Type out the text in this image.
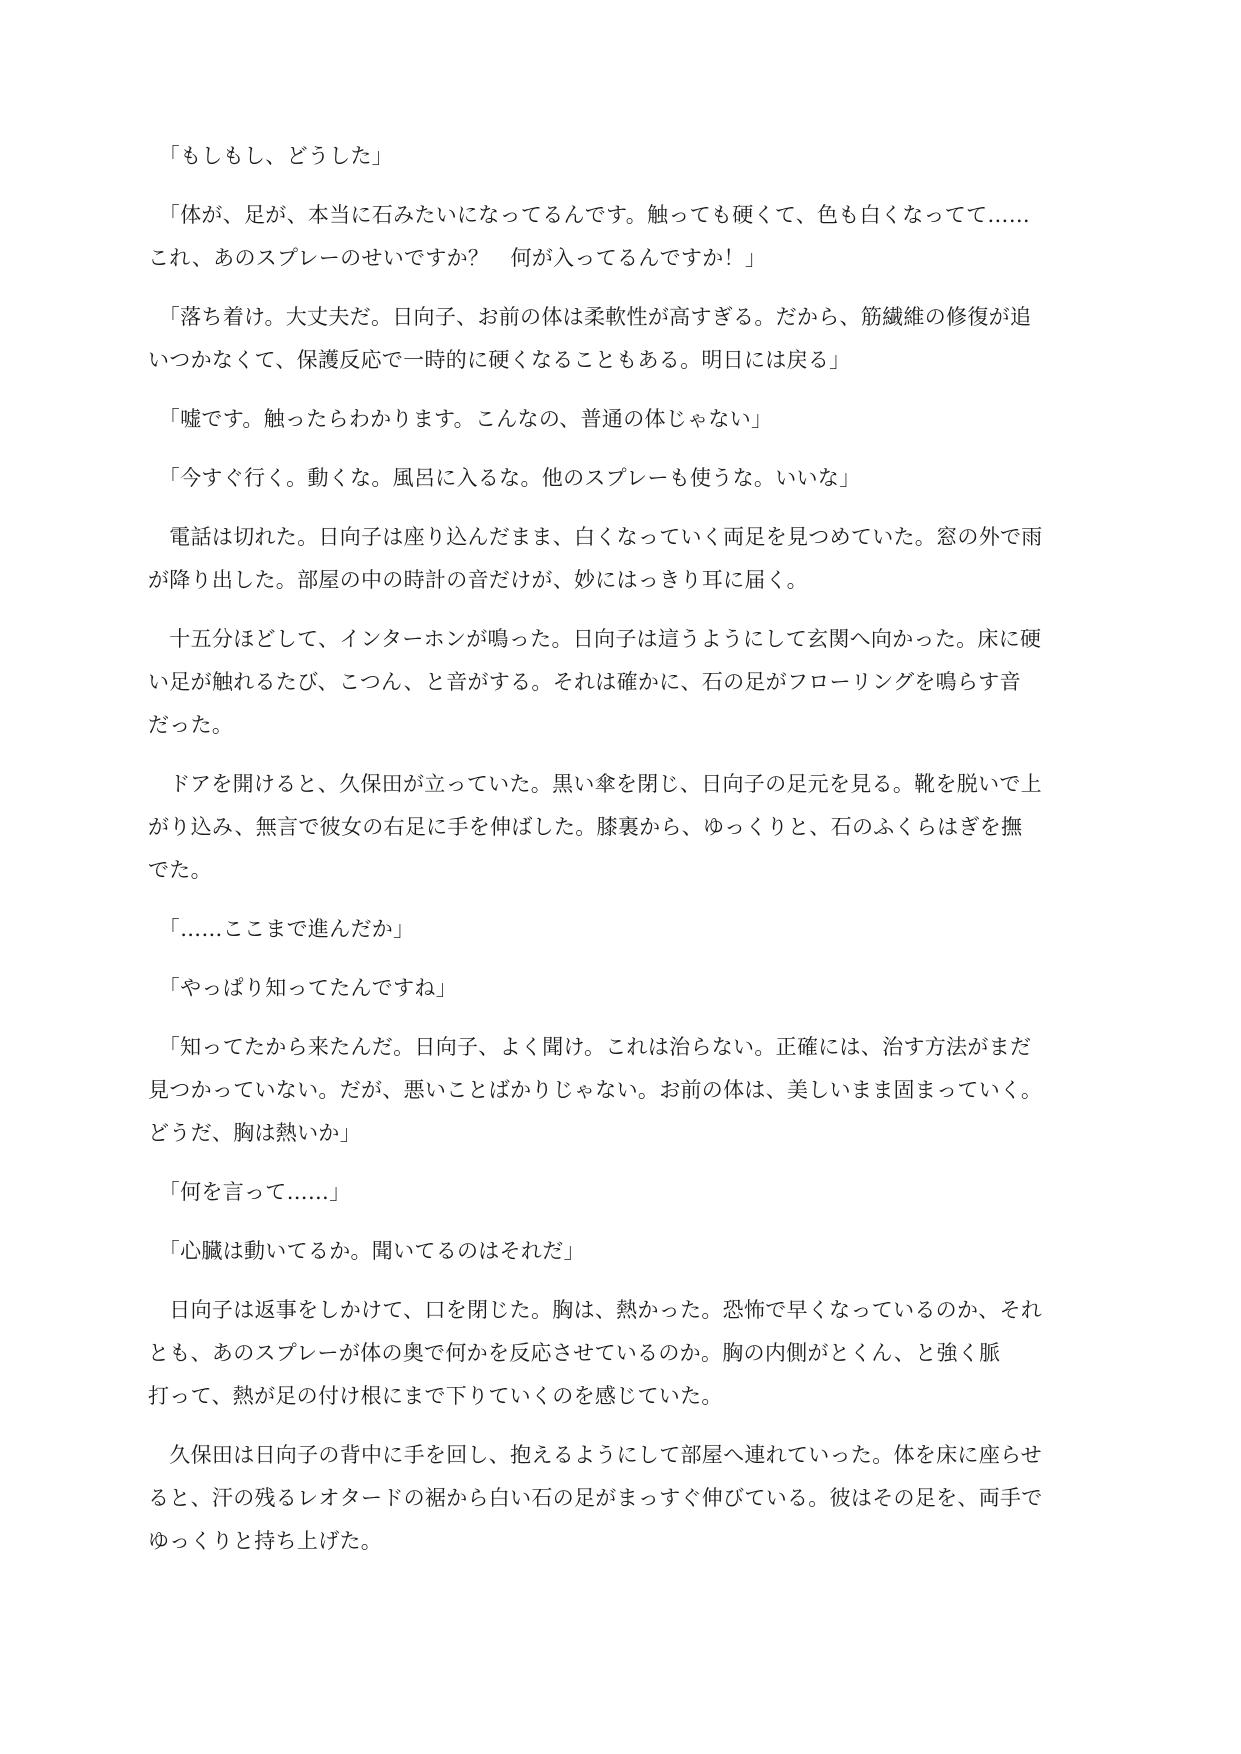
　「もしもし、どうした」

　「体が、足が、本当に石みたいになってるんです。触っても硬くて、色も白くなってて……
これ、あのスプレーのせいですか？　何が入ってるんですか！」

　「落ち着け。大丈夫だ。日向子、お前の体は柔軟性が高すぎる。だから、筋繊維の修復が追
いつかなくて、保護反応で一時的に硬くなることもある。明日には戻る」

　「嘘です。触ったらわかります。こんなの、普通の体じゃない」

　「今すぐ行く。動くな。風呂に入るな。他のスプレーも使うな。いいな」

　電話は切れた。日向子は座り込んだまま、白くなっていく両足を見つめていた。窓の外で雨
が降り出した。部屋の中の時計の音だけが、妙にはっきり耳に届く。

　十五分ほどして、インターホンが鳴った。日向子は這うようにして玄関へ向かった。床に硬
い足が触れるたび、こつん、と音がする。それは確かに、石の足がフローリングを鳴らす音
だった。

　ドアを開けると、久保田が立っていた。黒い傘を閉じ、日向子の足元を見る。靴を脱いで上
がり込み、無言で彼女の右足に手を伸ばした。膝裏から、ゆっくりと、石のふくらはぎを撫
でた。

　「……ここまで進んだか」

　「やっぱり知ってたんですね」

　「知ってたから来たんだ。日向子、よく聞け。これは治らない。正確には、治す方法がまだ
見つかっていない。だが、悪いことばかりじゃない。お前の体は、美しいまま固まっていく。
どうだ、胸は熱いか」

　「何を言って……」

　「心臓は動いてるか。聞いてるのはそれだ」

　日向子は返事をしかけて、口を閉じた。胸は、熱かった。恐怖で早くなっているのか、それ
とも、あのスプレーが体の奥で何かを反応させているのか。胸の内側がとくん、と強く脈
打って、熱が足の付け根にまで下りていくのを感じていた。

　久保田は日向子の背中に手を回し、抱えるようにして部屋へ連れていった。体を床に座らせ
ると、汗の残るレオタードの裾から白い石の足がまっすぐ伸びている。彼はその足を、両手で
ゆっくりと持ち上げた。
